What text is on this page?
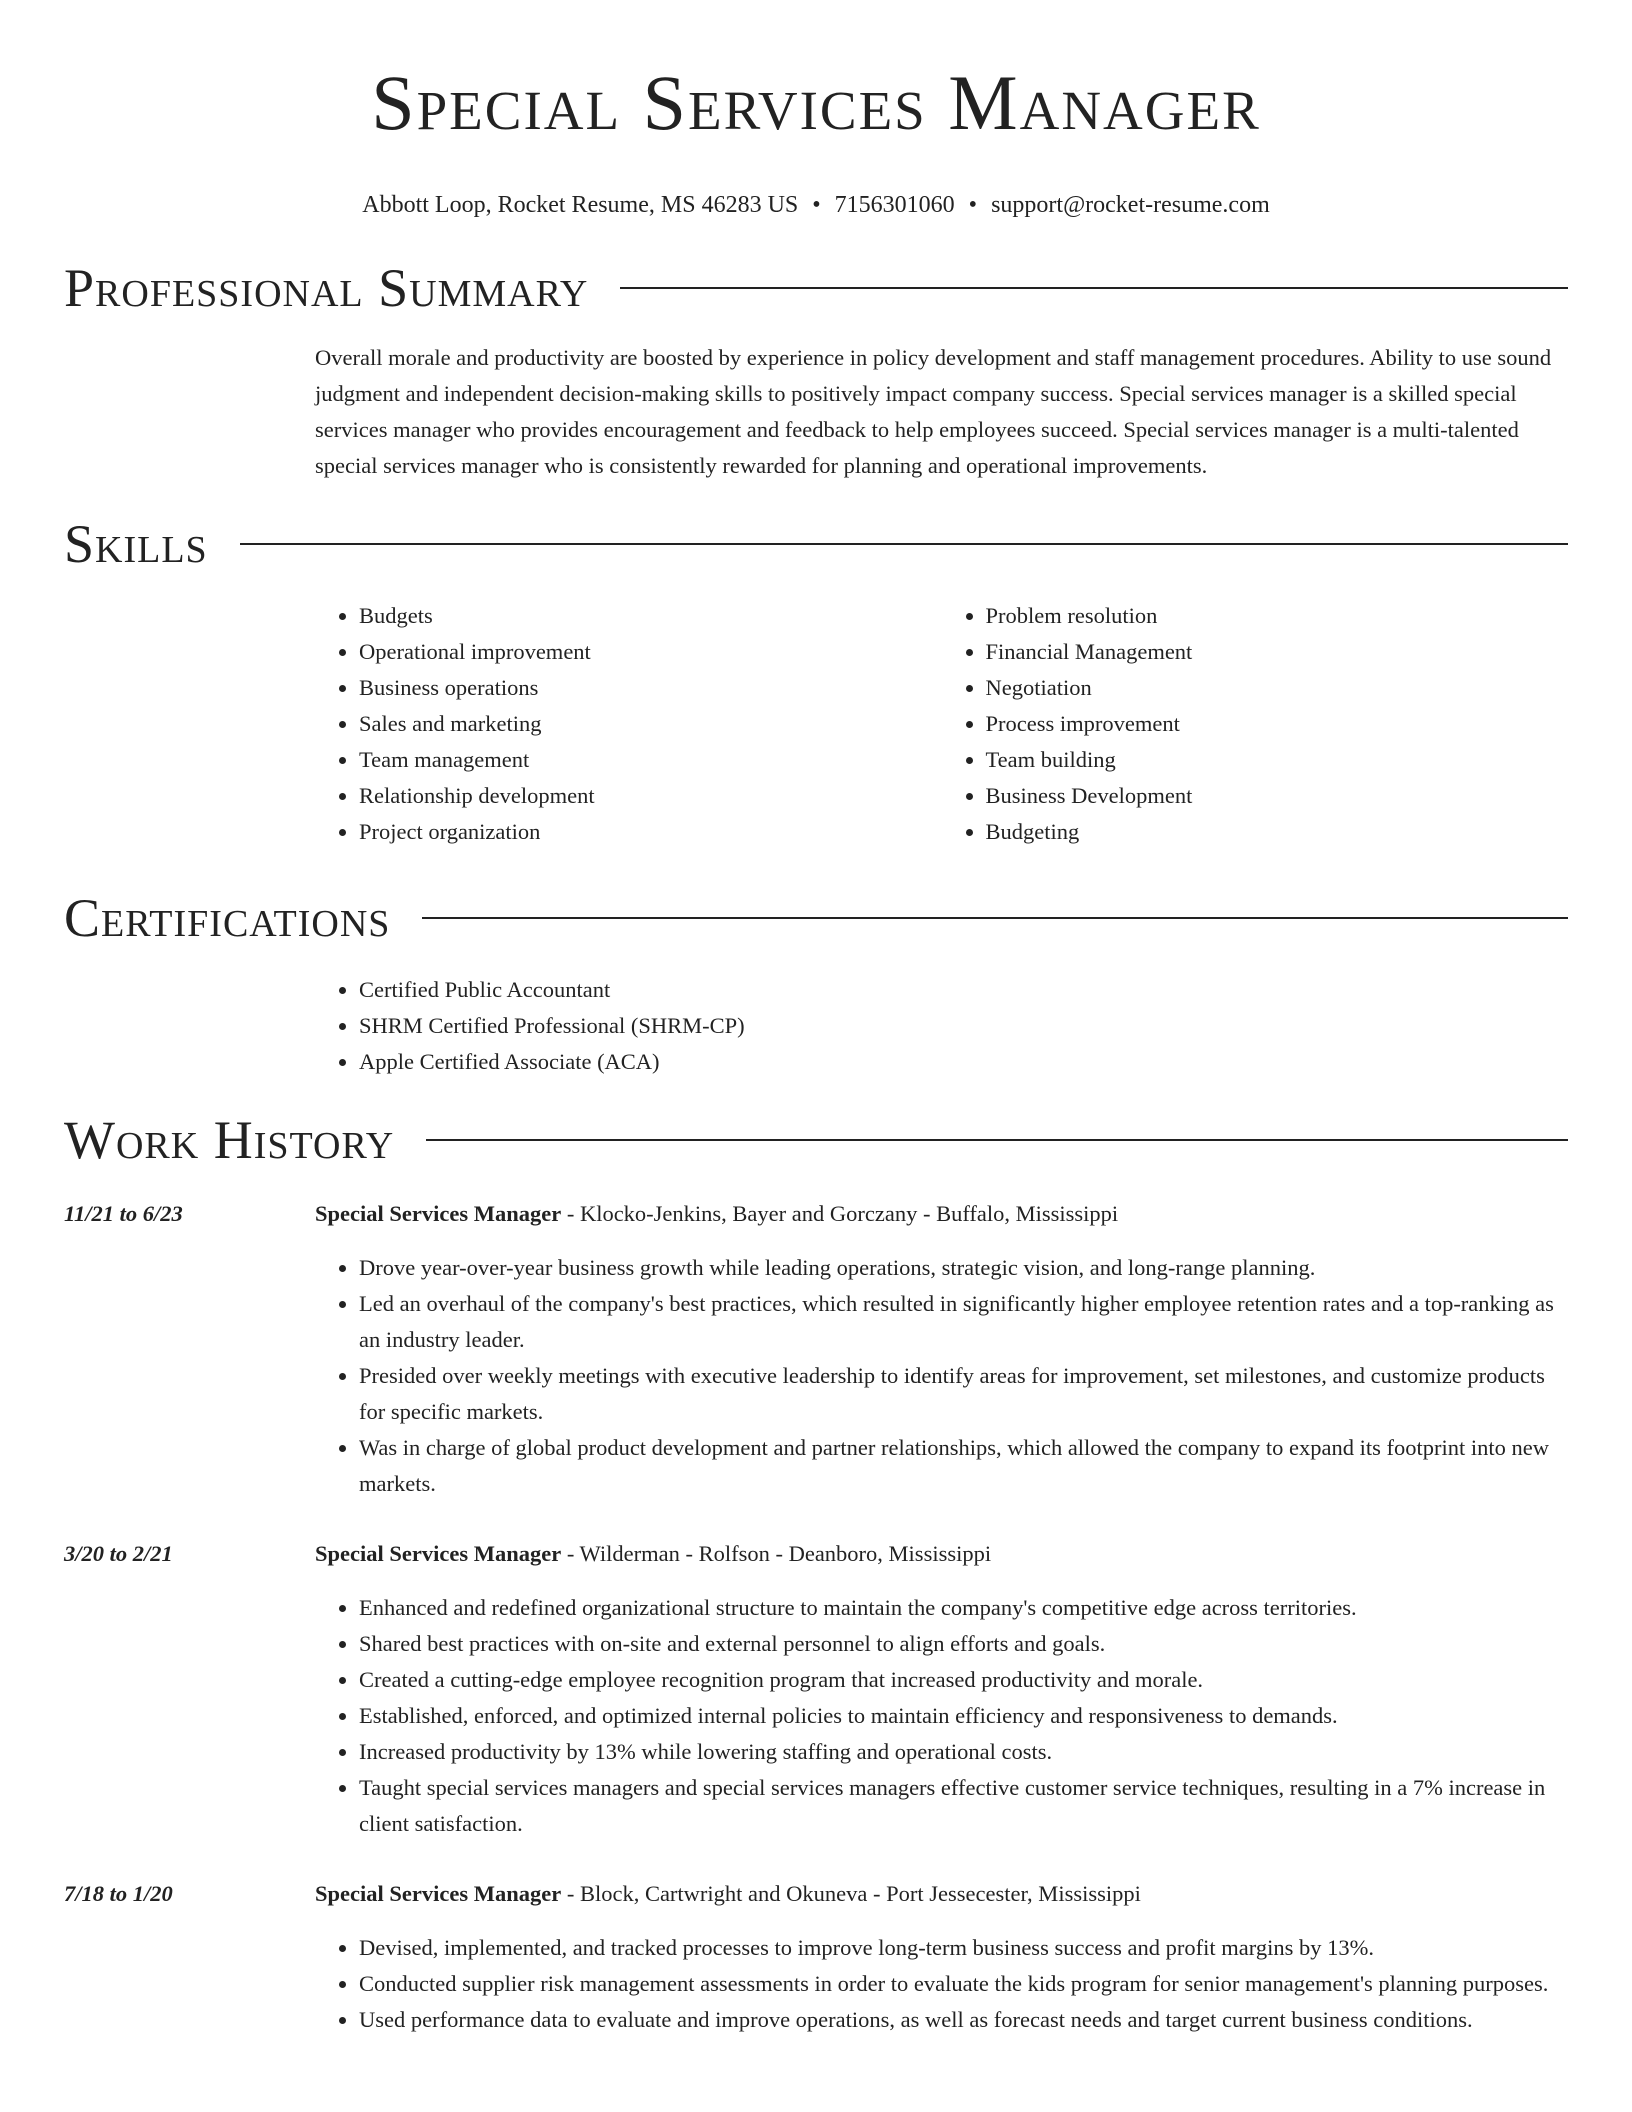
Special Services Manager
Abbott Loop, Rocket Resume, MS 46283 US • 7156301060 • support@rocket-resume.com
Professional Summary
Overall morale and productivity are boosted by experience in policy development and staff management procedures. Ability to use sound judgment and independent decision-making skills to positively impact company success. Special services manager is a skilled special services manager who provides encouragement and feedback to help employees succeed. Special services manager is a multi-talented special services manager who is consistently rewarded for planning and operational improvements.
Skills
• Budgets
• Operational improvement
• Business operations
• Sales and marketing
• Team management
• Relationship development
• Project organization
• Problem resolution
• Financial Management
• Negotiation
• Process improvement
• Team building
• Business Development
• Budgeting
Certifications
• Certified Public Accountant
• SHRM Certified Professional (SHRM-CP)
• Apple Certified Associate (ACA)
Work History
11/21 to 6/23	Special Services Manager - Klocko-Jenkins, Bayer and Gorczany - Buffalo, Mississippi
• Drove year-over-year business growth while leading operations, strategic vision, and long-range planning.
• Led an overhaul of the company's best practices, which resulted in significantly higher employee retention rates and a top-ranking as an industry leader.
• Presided over weekly meetings with executive leadership to identify areas for improvement, set milestones, and customize products for specific markets.
• Was in charge of global product development and partner relationships, which allowed the company to expand its footprint into new markets.
3/20 to 2/21	Special Services Manager - Wilderman - Rolfson - Deanboro, Mississippi
• Enhanced and redefined organizational structure to maintain the company's competitive edge across territories.
• Shared best practices with on-site and external personnel to align efforts and goals.
• Created a cutting-edge employee recognition program that increased productivity and morale.
• Established, enforced, and optimized internal policies to maintain efficiency and responsiveness to demands.
• Increased productivity by 13% while lowering staffing and operational costs.
• Taught special services managers and special services managers effective customer service techniques, resulting in a 7% increase in client satisfaction.
7/18 to 1/20	Special Services Manager - Block, Cartwright and Okuneva - Port Jessecester, Mississippi
• Devised, implemented, and tracked processes to improve long-term business success and profit margins by 13%.
• Conducted supplier risk management assessments in order to evaluate the kids program for senior management's planning purposes.
• Used performance data to evaluate and improve operations, as well as forecast needs and target current business conditions.
